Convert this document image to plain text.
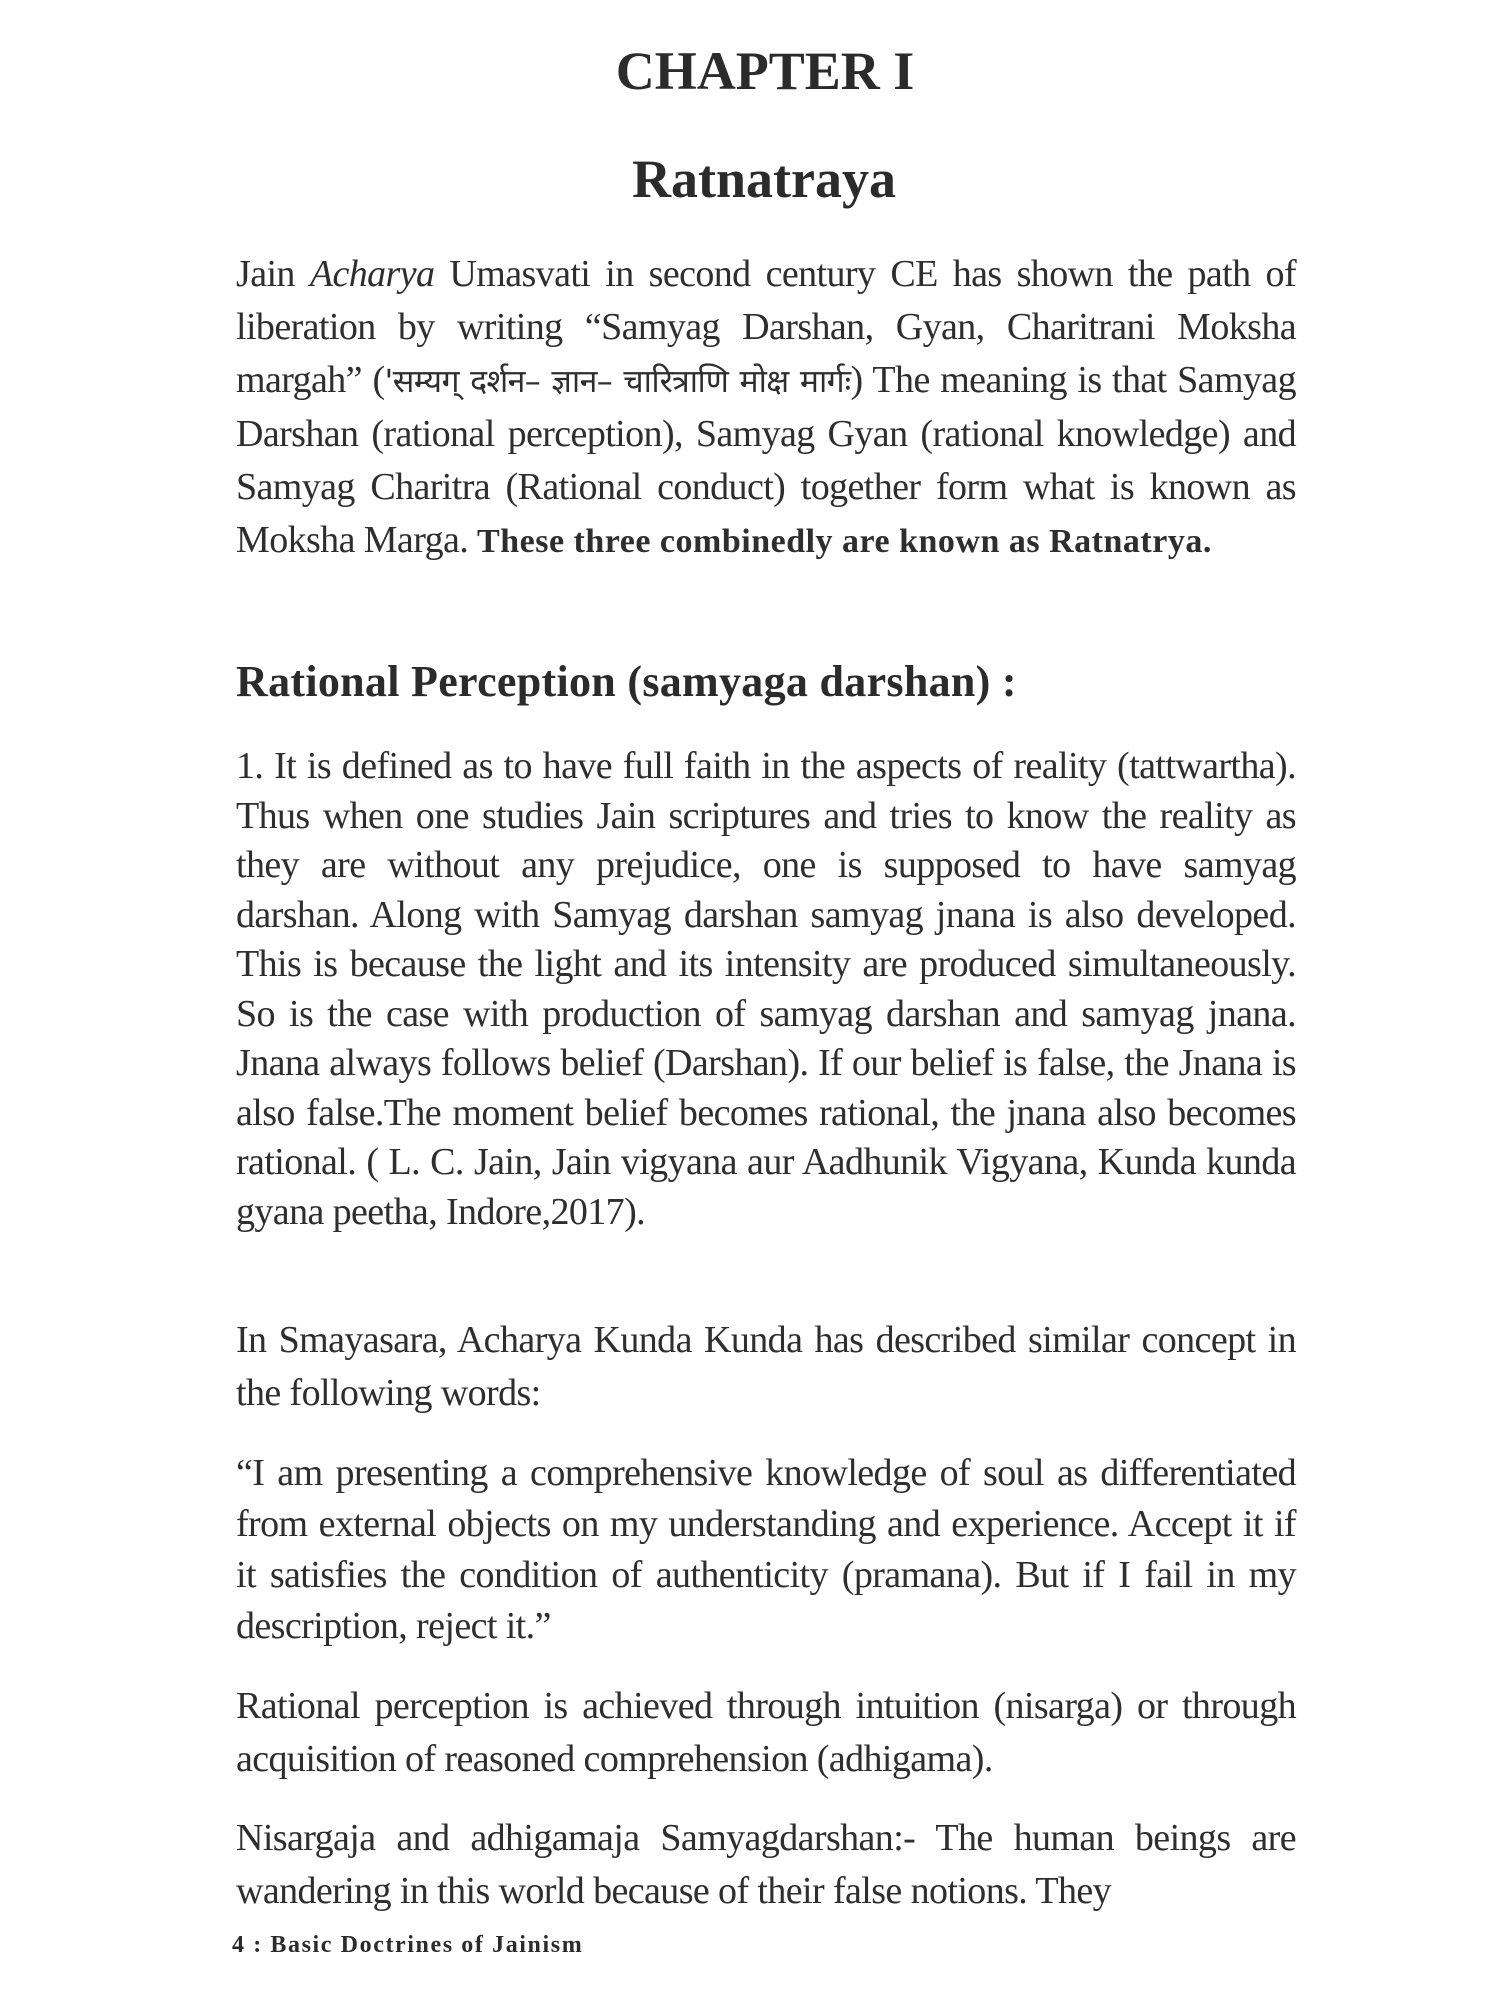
CHAPTER I
Ratnatraya

Jain Acharya Umasvati in second century CE has shown the path of liberation by writing “Samyag Darshan, Gyan, Charitrani Moksha margah” ('सम्यग् दर्शन– ज्ञान– चारित्राणि मोक्ष मार्गः) The meaning is that Samyag Darshan (rational perception), Samyag Gyan (rational knowledge) and Samyag Charitra (Rational conduct) together form what is known as Moksha Marga. These three combinedly are known as Ratnatrya.

Rational Perception (samyaga darshan) :

1. It is defined as to have full faith in the aspects of reality (tattwartha). Thus when one studies Jain scriptures and tries to know the reality as they are without any prejudice, one is supposed to have samyag darshan. Along with Samyag darshan samyag jnana is also developed. This is because the light and its intensity are produced simultaneously. So is the case with production of samyag darshan and samyag jnana. Jnana always follows belief (Darshan). If our belief is false, the Jnana is also false.The moment belief becomes rational, the jnana also becomes rational. ( L. C. Jain, Jain vigyana aur Aadhunik Vigyana, Kunda kunda gyana peetha, Indore,2017).

In Smayasara, Acharya Kunda Kunda has described similar concept in the following words:

“I am presenting a comprehensive knowledge of soul as differentiated from external objects on my understanding and experience. Accept it if it satisfies the condition of authenticity (pramana). But if I fail in my description, reject it.”

Rational perception is achieved through intuition (nisarga) or through acquisition of reasoned comprehension (adhigama).

Nisargaja and adhigamaja Samyagdarshan:- The human beings are wandering in this world because of their false notions. They

4 : Basic Doctrines of Jainism
